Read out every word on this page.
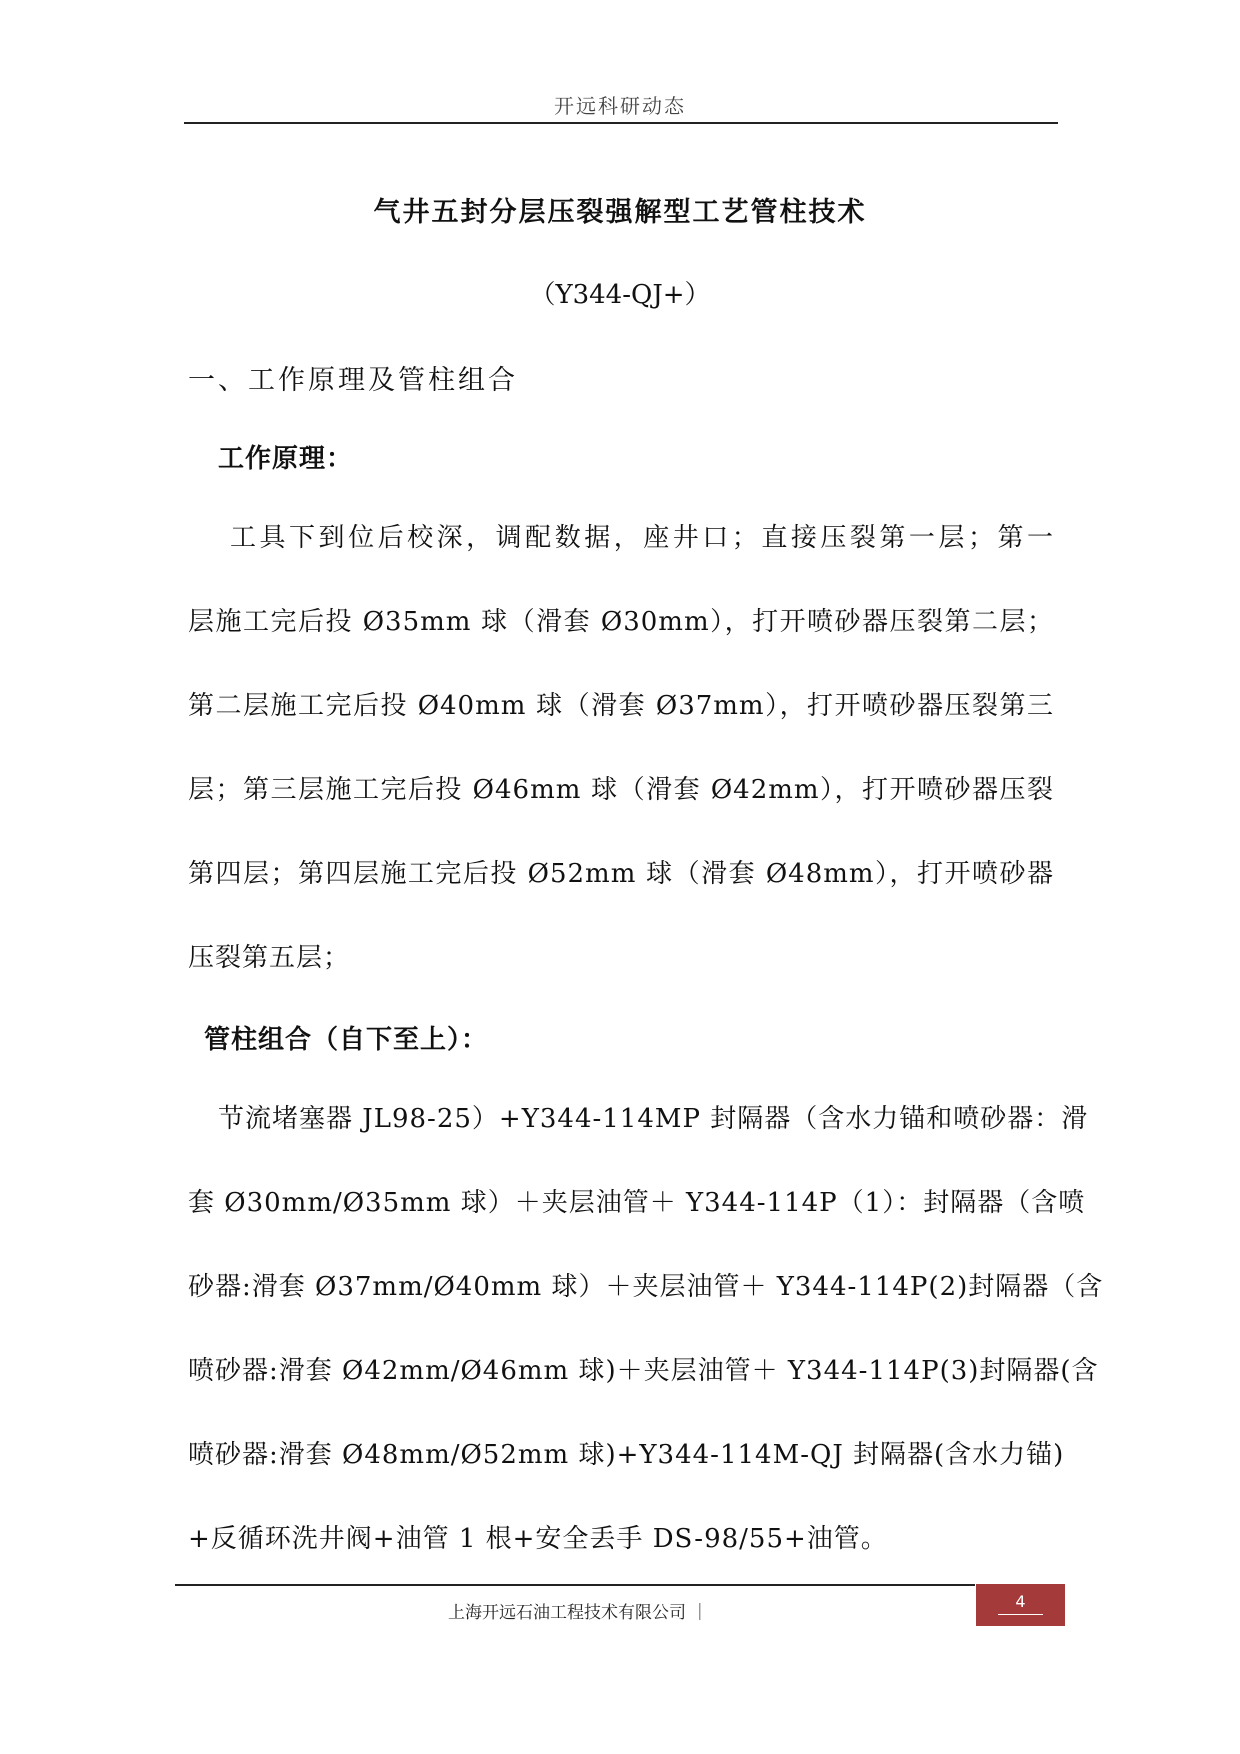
开远科研动态
气井五封分层压裂强解型工艺管柱技术
（Y344-QJ+）
一、工作原理及管柱组合
工作原理：
工具下到位后校深，调配数据，座井口；直接压裂第一层；第一
层施工完后投 Ø35mm 球（滑套 Ø30mm），打开喷砂器压裂第二层；
第二层施工完后投 Ø40mm 球（滑套 Ø37mm），打开喷砂器压裂第三
层；第三层施工完后投 Ø46mm 球（滑套 Ø42mm），打开喷砂器压裂
第四层；第四层施工完后投 Ø52mm 球（滑套 Ø48mm），打开喷砂器
压裂第五层；
管柱组合（自下至上）：
节流堵塞器 JL98-25）+Y344-114MP 封隔器（含水力锚和喷砂器：滑
套 Ø30mm/Ø35mm 球）＋夹层油管＋ Y344-114P（1）：封隔器（含喷
砂器:滑套 Ø37mm/Ø40mm 球）＋夹层油管＋ Y344-114P(2)封隔器（含
喷砂器:滑套 Ø42mm/Ø46mm 球)＋夹层油管＋ Y344-114P(3)封隔器(含
喷砂器:滑套 Ø48mm/Ø52mm 球)+Y344-114M-QJ 封隔器(含水力锚)
+反循环洗井阀+油管 1 根+安全丢手 DS-98/55+油管。
上海开远石油工程技术有限公司 ｜
4
